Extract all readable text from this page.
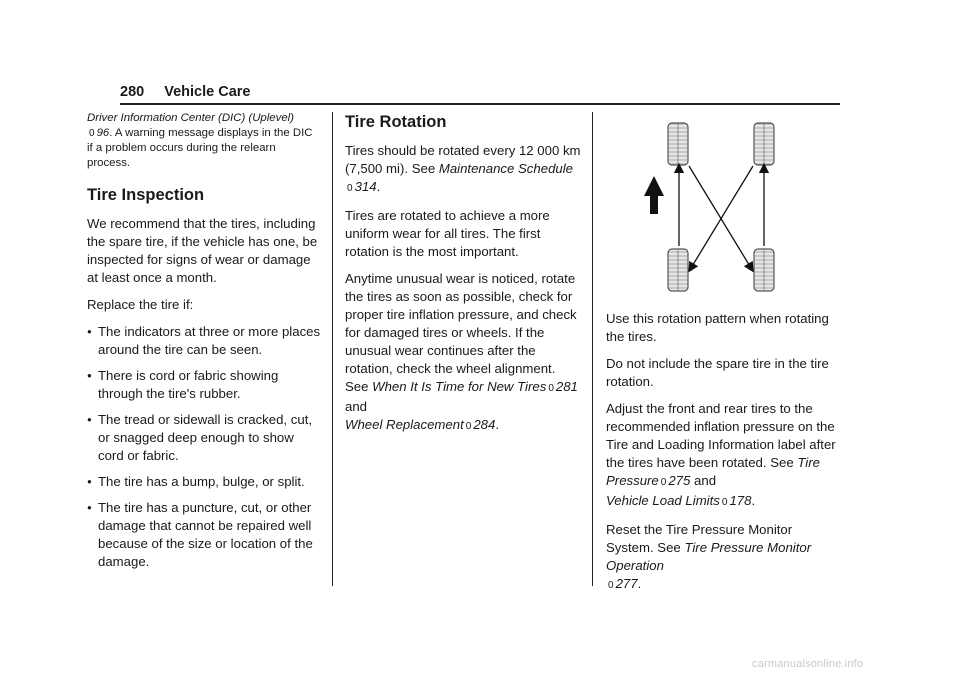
280 Vehicle Care

Driver Information Center (DIC) (Uplevel)
0 96. A warning message displays in the DIC if a problem occurs during the relearn process.

Tire Inspection

We recommend that the tires, including the spare tire, if the vehicle has one, be inspected for signs of wear or damage at least once a month.

Replace the tire if:

● The indicators at three or more places around the tire can be seen.
● There is cord or fabric showing through the tire's rubber.
● The tread or sidewall is cracked, cut, or snagged deep enough to show cord or fabric.
● The tire has a bump, bulge, or split.
● The tire has a puncture, cut, or other damage that cannot be repaired well because of the size or location of the damage.
Tire Rotation

Tires should be rotated every 12 000 km (7,500 mi). See Maintenance Schedule
0 314.

Tires are rotated to achieve a more uniform wear for all tires. The first rotation is the most important.

Anytime unusual wear is noticed, rotate the tires as soon as possible, check for proper tire inflation pressure, and check for damaged tires or wheels. If the unusual wear continues after the rotation, check the wheel alignment. See When It Is Time for New Tires 0 281
and
Wheel Replacement 0 284.

Use this rotation pattern when rotating the tires.

Do not include the spare tire in the tire rotation.

Adjust the front and rear tires to the recommended inflation pressure on the Tire and Loading Information label after the tires have been rotated. See Tire
Pressure 0 275 and
Vehicle Load Limits 0 178.

Reset the Tire Pressure Monitor System. See Tire Pressure Monitor Operation
0 277.

carmanualsonline.info
